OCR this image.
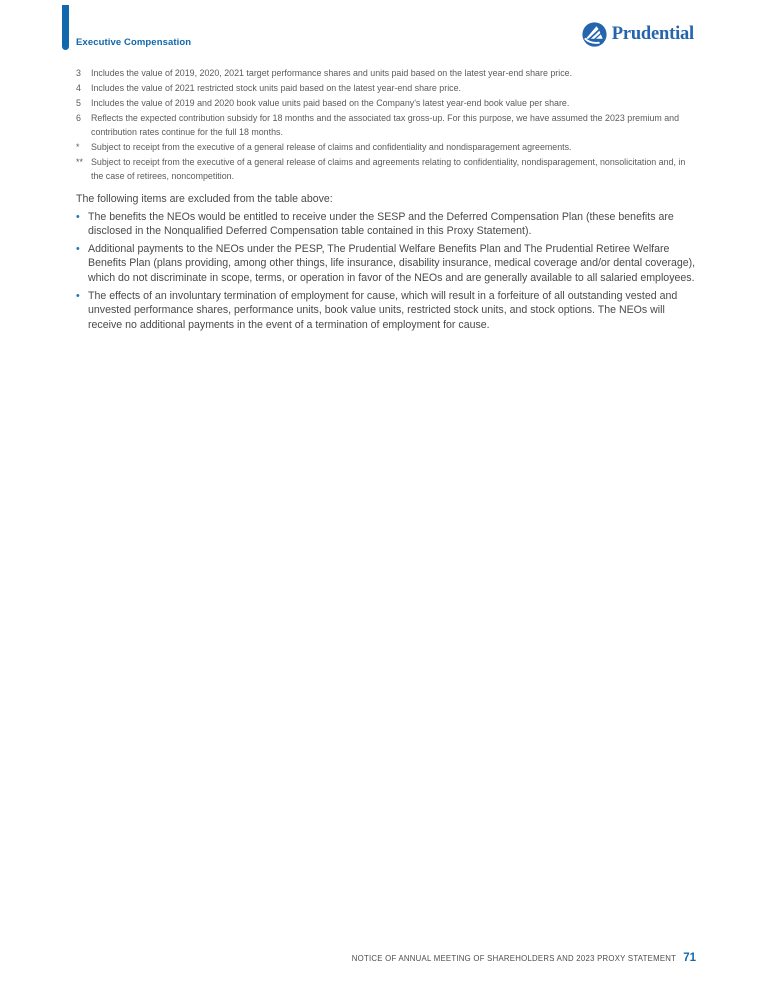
Executive Compensation	Prudential
3	Includes the value of 2019, 2020, 2021 target performance shares and units paid based on the latest year-end share price.
4	Includes the value of 2021 restricted stock units paid based on the latest year-end share price.
5	Includes the value of 2019 and 2020 book value units paid based on the Company's latest year-end book value per share.
6	Reflects the expected contribution subsidy for 18 months and the associated tax gross-up. For this purpose, we have assumed the 2023 premium and contribution rates continue for the full 18 months.
*	Subject to receipt from the executive of a general release of claims and confidentiality and nondisparagement agreements.
** Subject to receipt from the executive of a general release of claims and agreements relating to confidentiality, nondisparagement, nonsolicitation and, in the case of retirees, noncompetition.

The following items are excluded from the table above:

• The benefits the NEOs would be entitled to receive under the SESP and the Deferred Compensation Plan (these benefits are disclosed in the Nonqualified Deferred Compensation table contained in this Proxy Statement).
• Additional payments to the NEOs under the PESP, The Prudential Welfare Benefits Plan and The Prudential Retiree Welfare Benefits Plan (plans providing, among other things, life insurance, disability insurance, medical coverage and/or dental coverage), which do not discriminate in scope, terms, or operation in favor of the NEOs and are generally available to all salaried employees.
• The effects of an involuntary termination of employment for cause, which will result in a forfeiture of all outstanding vested and unvested performance shares, performance units, book value units, restricted stock units, and stock options. The NEOs will receive no additional payments in the event of a termination of employment for cause.
NOTICE OF ANNUAL MEETING OF SHAREHOLDERS AND 2023 PROXY STATEMENT 71
